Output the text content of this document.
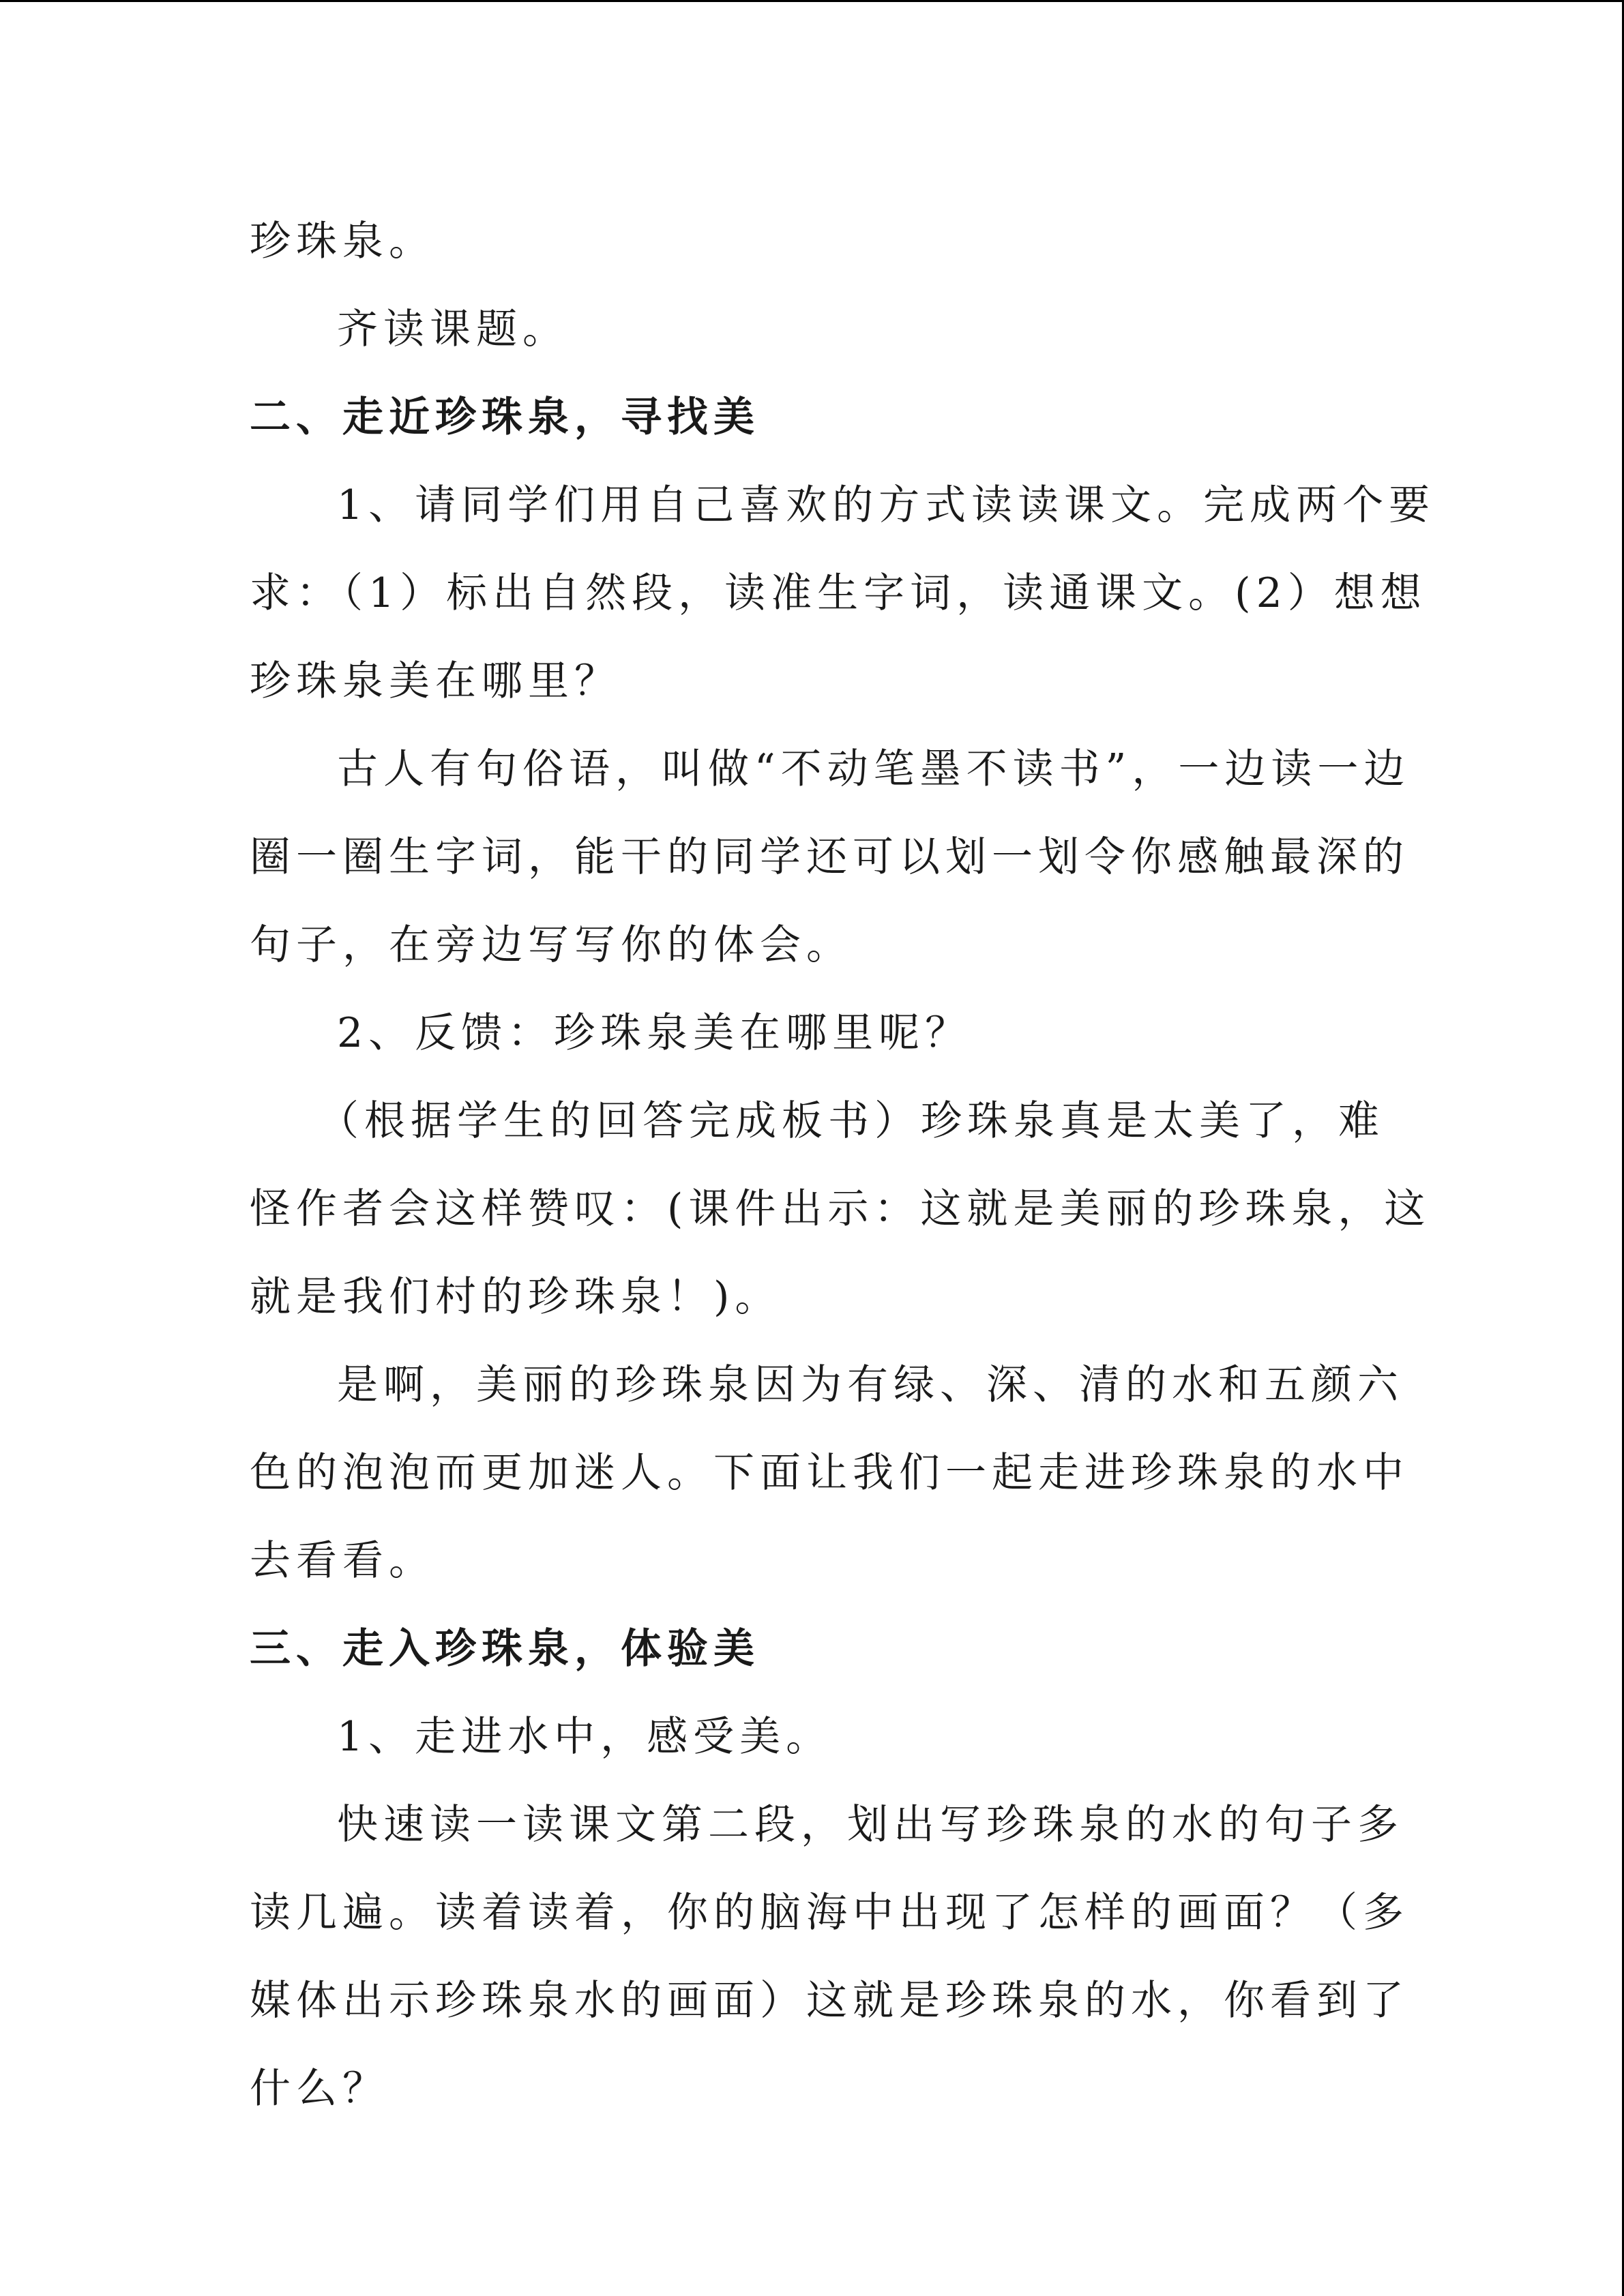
珍珠泉。
齐读课题。
二、走近珍珠泉，寻找美
1、请同学们用自己喜欢的方式读读课文。完成两个要
求：（1）标出自然段，读准生字词，读通课文。(2）想想
珍珠泉美在哪里？
古人有句俗语，叫做“不动笔墨不读书”，一边读一边
圈一圈生字词，能干的同学还可以划一划令你感触最深的
句子，在旁边写写你的体会。
2、反馈：珍珠泉美在哪里呢？
（根据学生的回答完成板书）珍珠泉真是太美了，难
怪作者会这样赞叹：(课件出示：这就是美丽的珍珠泉，这
就是我们村的珍珠泉！)。
是啊，美丽的珍珠泉因为有绿、深、清的水和五颜六
色的泡泡而更加迷人。下面让我们一起走进珍珠泉的水中
去看看。
三、走入珍珠泉，体验美
1、走进水中，感受美。
快速读一读课文第二段，划出写珍珠泉的水的句子多
读几遍。读着读着，你的脑海中出现了怎样的画面？（多
媒体出示珍珠泉水的画面）这就是珍珠泉的水，你看到了
什么？
